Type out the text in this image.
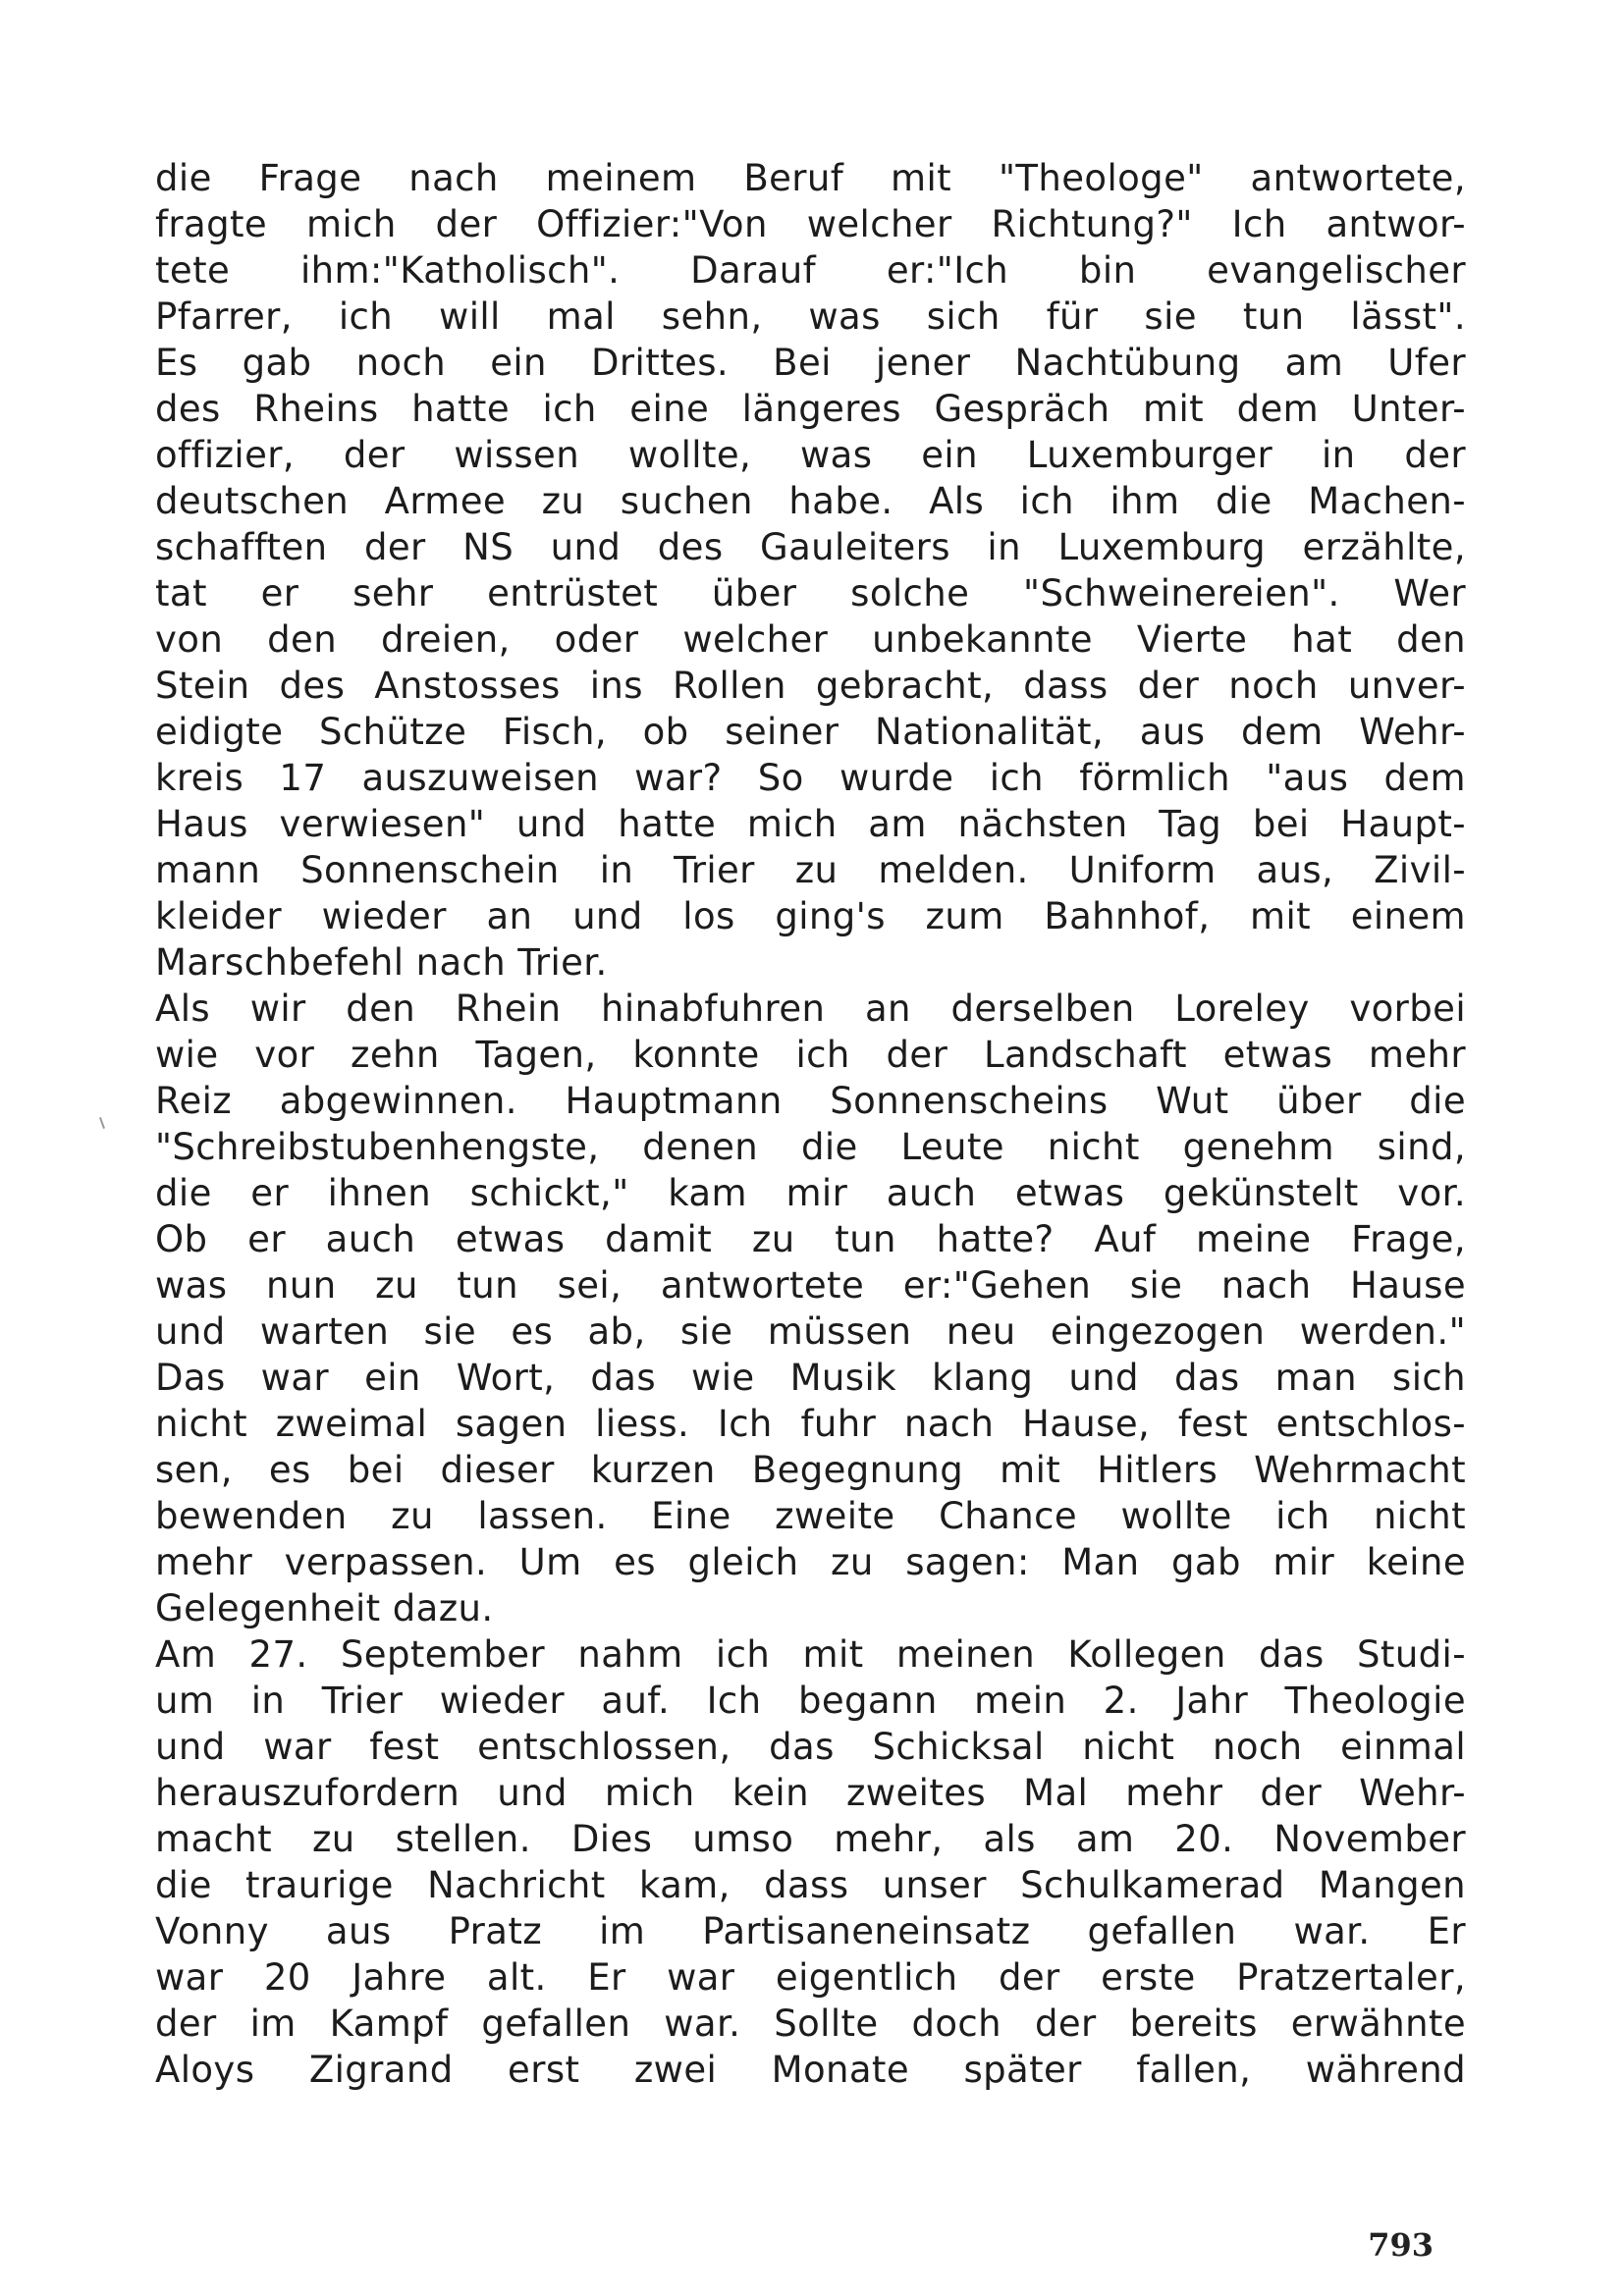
die Frage nach meinem Beruf mit "Theologe" antwortete,
fragte mich der Offizier:"Von welcher Richtung?" Ich antwor-
tete ihm:"Katholisch". Darauf er:"Ich bin evangelischer
Pfarrer, ich will mal sehn, was sich für sie tun lässt".
Es gab noch ein Drittes. Bei jener Nachtübung am Ufer
des Rheins hatte ich eine längeres Gespräch mit dem Unter-
offizier, der wissen wollte, was ein Luxemburger in der
deutschen Armee zu suchen habe. Als ich ihm die Machen-
schafften der NS und des Gauleiters in Luxemburg erzählte,
tat er sehr entrüstet über solche "Schweinereien". Wer
von den dreien, oder welcher unbekannte Vierte hat den
Stein des Anstosses ins Rollen gebracht, dass der noch unver-
eidigte Schütze Fisch, ob seiner Nationalität, aus dem Wehr-
kreis 17 auszuweisen war? So wurde ich förmlich "aus dem
Haus verwiesen" und hatte mich am nächsten Tag bei Haupt-
mann Sonnenschein in Trier zu melden. Uniform aus, Zivil-
kleider wieder an und los ging's zum Bahnhof, mit einem
Marschbefehl nach Trier.
Als wir den Rhein hinabfuhren an derselben Loreley vorbei
wie vor zehn Tagen, konnte ich der Landschaft etwas mehr
Reiz abgewinnen. Hauptmann Sonnenscheins Wut über die
"Schreibstubenhengste, denen die Leute nicht genehm sind,
die er ihnen schickt," kam mir auch etwas gekünstelt vor.
Ob er auch etwas damit zu tun hatte? Auf meine Frage,
was nun zu tun sei, antwortete er:"Gehen sie nach Hause
und warten sie es ab, sie müssen neu eingezogen werden."
Das war ein Wort, das wie Musik klang und das man sich
nicht zweimal sagen liess. Ich fuhr nach Hause, fest entschlos-
sen, es bei dieser kurzen Begegnung mit Hitlers Wehrmacht
bewenden zu lassen. Eine zweite Chance wollte ich nicht
mehr verpassen. Um es gleich zu sagen: Man gab mir keine
Gelegenheit dazu.
Am 27. September nahm ich mit meinen Kollegen das Studi-
um in Trier wieder auf. Ich begann mein 2. Jahr Theologie
und war fest entschlossen, das Schicksal nicht noch einmal
herauszufordern und mich kein zweites Mal mehr der Wehr-
macht zu stellen. Dies umso mehr, als am 20. November
die traurige Nachricht kam, dass unser Schulkamerad Mangen
Vonny aus Pratz im Partisaneneinsatz gefallen war. Er
war 20 Jahre alt. Er war eigentlich der erste Pratzertaler,
der im Kampf gefallen war. Sollte doch der bereits erwähnte
Aloys Zigrand erst zwei Monate später fallen, während
793
